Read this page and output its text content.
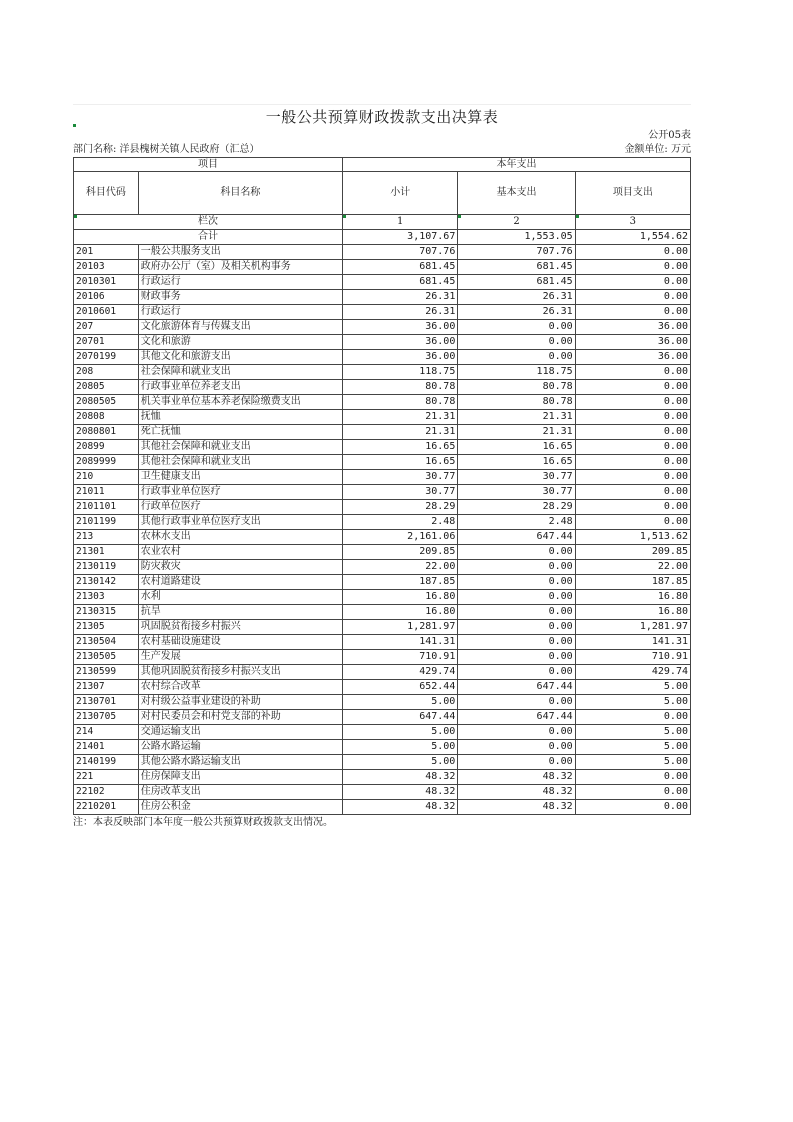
一般公共预算财政拨款支出决算表
公开05表
部门名称: 洋县槐树关镇人民政府（汇总）	金额单位: 万元
项目		本年支出		
科目代码	科目名称	小计	基本支出	项目支出
栏次		1	2	3
合计		3,107.67	1,553.05	1,554.62
201	一般公共服务支出	707.76	707.76	0.00
20103	政府办公厅（室）及相关机构事务	681.45	681.45	0.00
2010301	行政运行	681.45	681.45	0.00
20106	财政事务	26.31	26.31	0.00
2010601	行政运行	26.31	26.31	0.00
207	文化旅游体育与传媒支出	36.00	0.00	36.00
20701	文化和旅游	36.00	0.00	36.00
2070199	其他文化和旅游支出	36.00	0.00	36.00
208	社会保障和就业支出	118.75	118.75	0.00
20805	行政事业单位养老支出	80.78	80.78	0.00
2080505	机关事业单位基本养老保险缴费支出	80.78	80.78	0.00
20808	抚恤	21.31	21.31	0.00
2080801	死亡抚恤	21.31	21.31	0.00
20899	其他社会保障和就业支出	16.65	16.65	0.00
2089999	其他社会保障和就业支出	16.65	16.65	0.00
210	卫生健康支出	30.77	30.77	0.00
21011	行政事业单位医疗	30.77	30.77	0.00
2101101	行政单位医疗	28.29	28.29	0.00
2101199	其他行政事业单位医疗支出	2.48	2.48	0.00
213	农林水支出	2,161.06	647.44	1,513.62
21301	农业农村	209.85	0.00	209.85
2130119	防灾救灾	22.00	0.00	22.00
2130142	农村道路建设	187.85	0.00	187.85
21303	水利	16.80	0.00	16.80
2130315	抗旱	16.80	0.00	16.80
21305	巩固脱贫衔接乡村振兴	1,281.97	0.00	1,281.97
2130504	农村基础设施建设	141.31	0.00	141.31
2130505	生产发展	710.91	0.00	710.91
2130599	其他巩固脱贫衔接乡村振兴支出	429.74	0.00	429.74
21307	农村综合改革	652.44	647.44	5.00
2130701	对村级公益事业建设的补助	5.00	0.00	5.00
2130705	对村民委员会和村党支部的补助	647.44	647.44	0.00
214	交通运输支出	5.00	0.00	5.00
21401	公路水路运输	5.00	0.00	5.00
2140199	其他公路水路运输支出	5.00	0.00	5.00
221	住房保障支出	48.32	48.32	0.00
22102	住房改革支出	48.32	48.32	0.00
2210201	住房公积金	48.32	48.32	0.00
注：本表反映部门本年度一般公共预算财政拨款支出情况。
